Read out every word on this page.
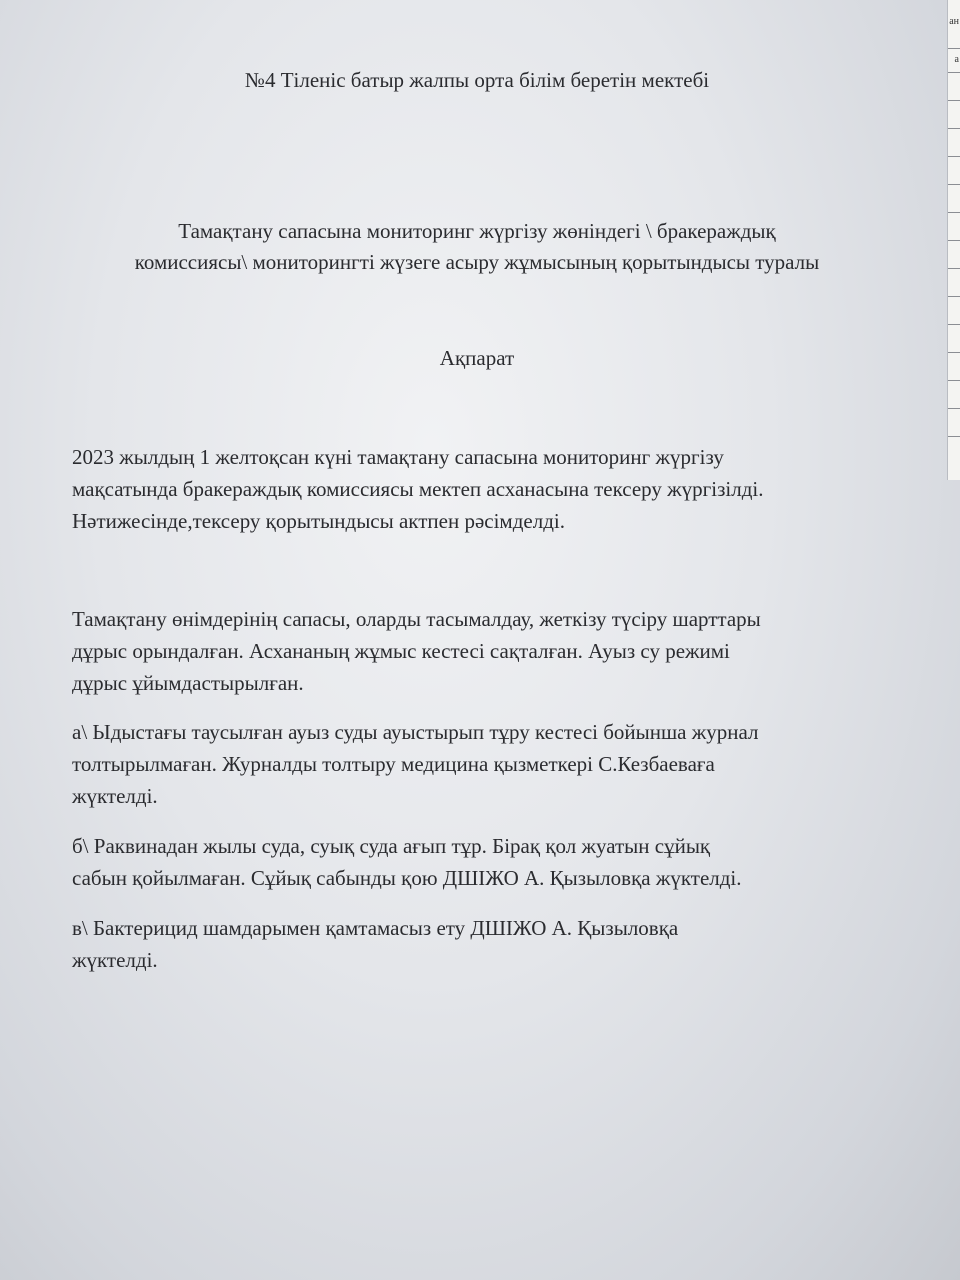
ан
а
№4 Тіленіс батыр жалпы орта білім беретін мектебі
Тамақтану сапасына мониторинг жүргізу жөніндегі \ бракераждық
комиссиясы\ мониторингті жүзеге асыру жұмысының қорытындысы туралы
Ақпарат
2023 жылдың 1 желтоқсан күні тамақтану сапасына мониторинг жүргізу
мақсатында бракераждық комиссиясы мектеп асханасына тексеру жүргізілді.
Нәтижесінде,тексеру қорытындысы актпен рәсімделді.
Тамақтану өнімдерінің сапасы, оларды тасымалдау, жеткізу түсіру шарттары
дұрыс орындалған. Асхананың жұмыс кестесі сақталған. Ауыз су режимі
дұрыс ұйымдастырылған.
а\ Ыдыстағы таусылған ауыз суды ауыстырып тұру кестесі бойынша журнал
толтырылмаған. Журналды толтыру медицина қызметкері С.Кезбаеваға
жүктелді.
б\ Раквинадан жылы суда, суық суда ағып тұр. Бірақ қол жуатын сұйық
сабын қойылмаған. Сұйық сабынды қою ДШІЖО А. Қызыловқа жүктелді.
в\ Бактерицид шамдарымен қамтамасыз ету ДШІЖО А. Қызыловқа
жүктелді.
